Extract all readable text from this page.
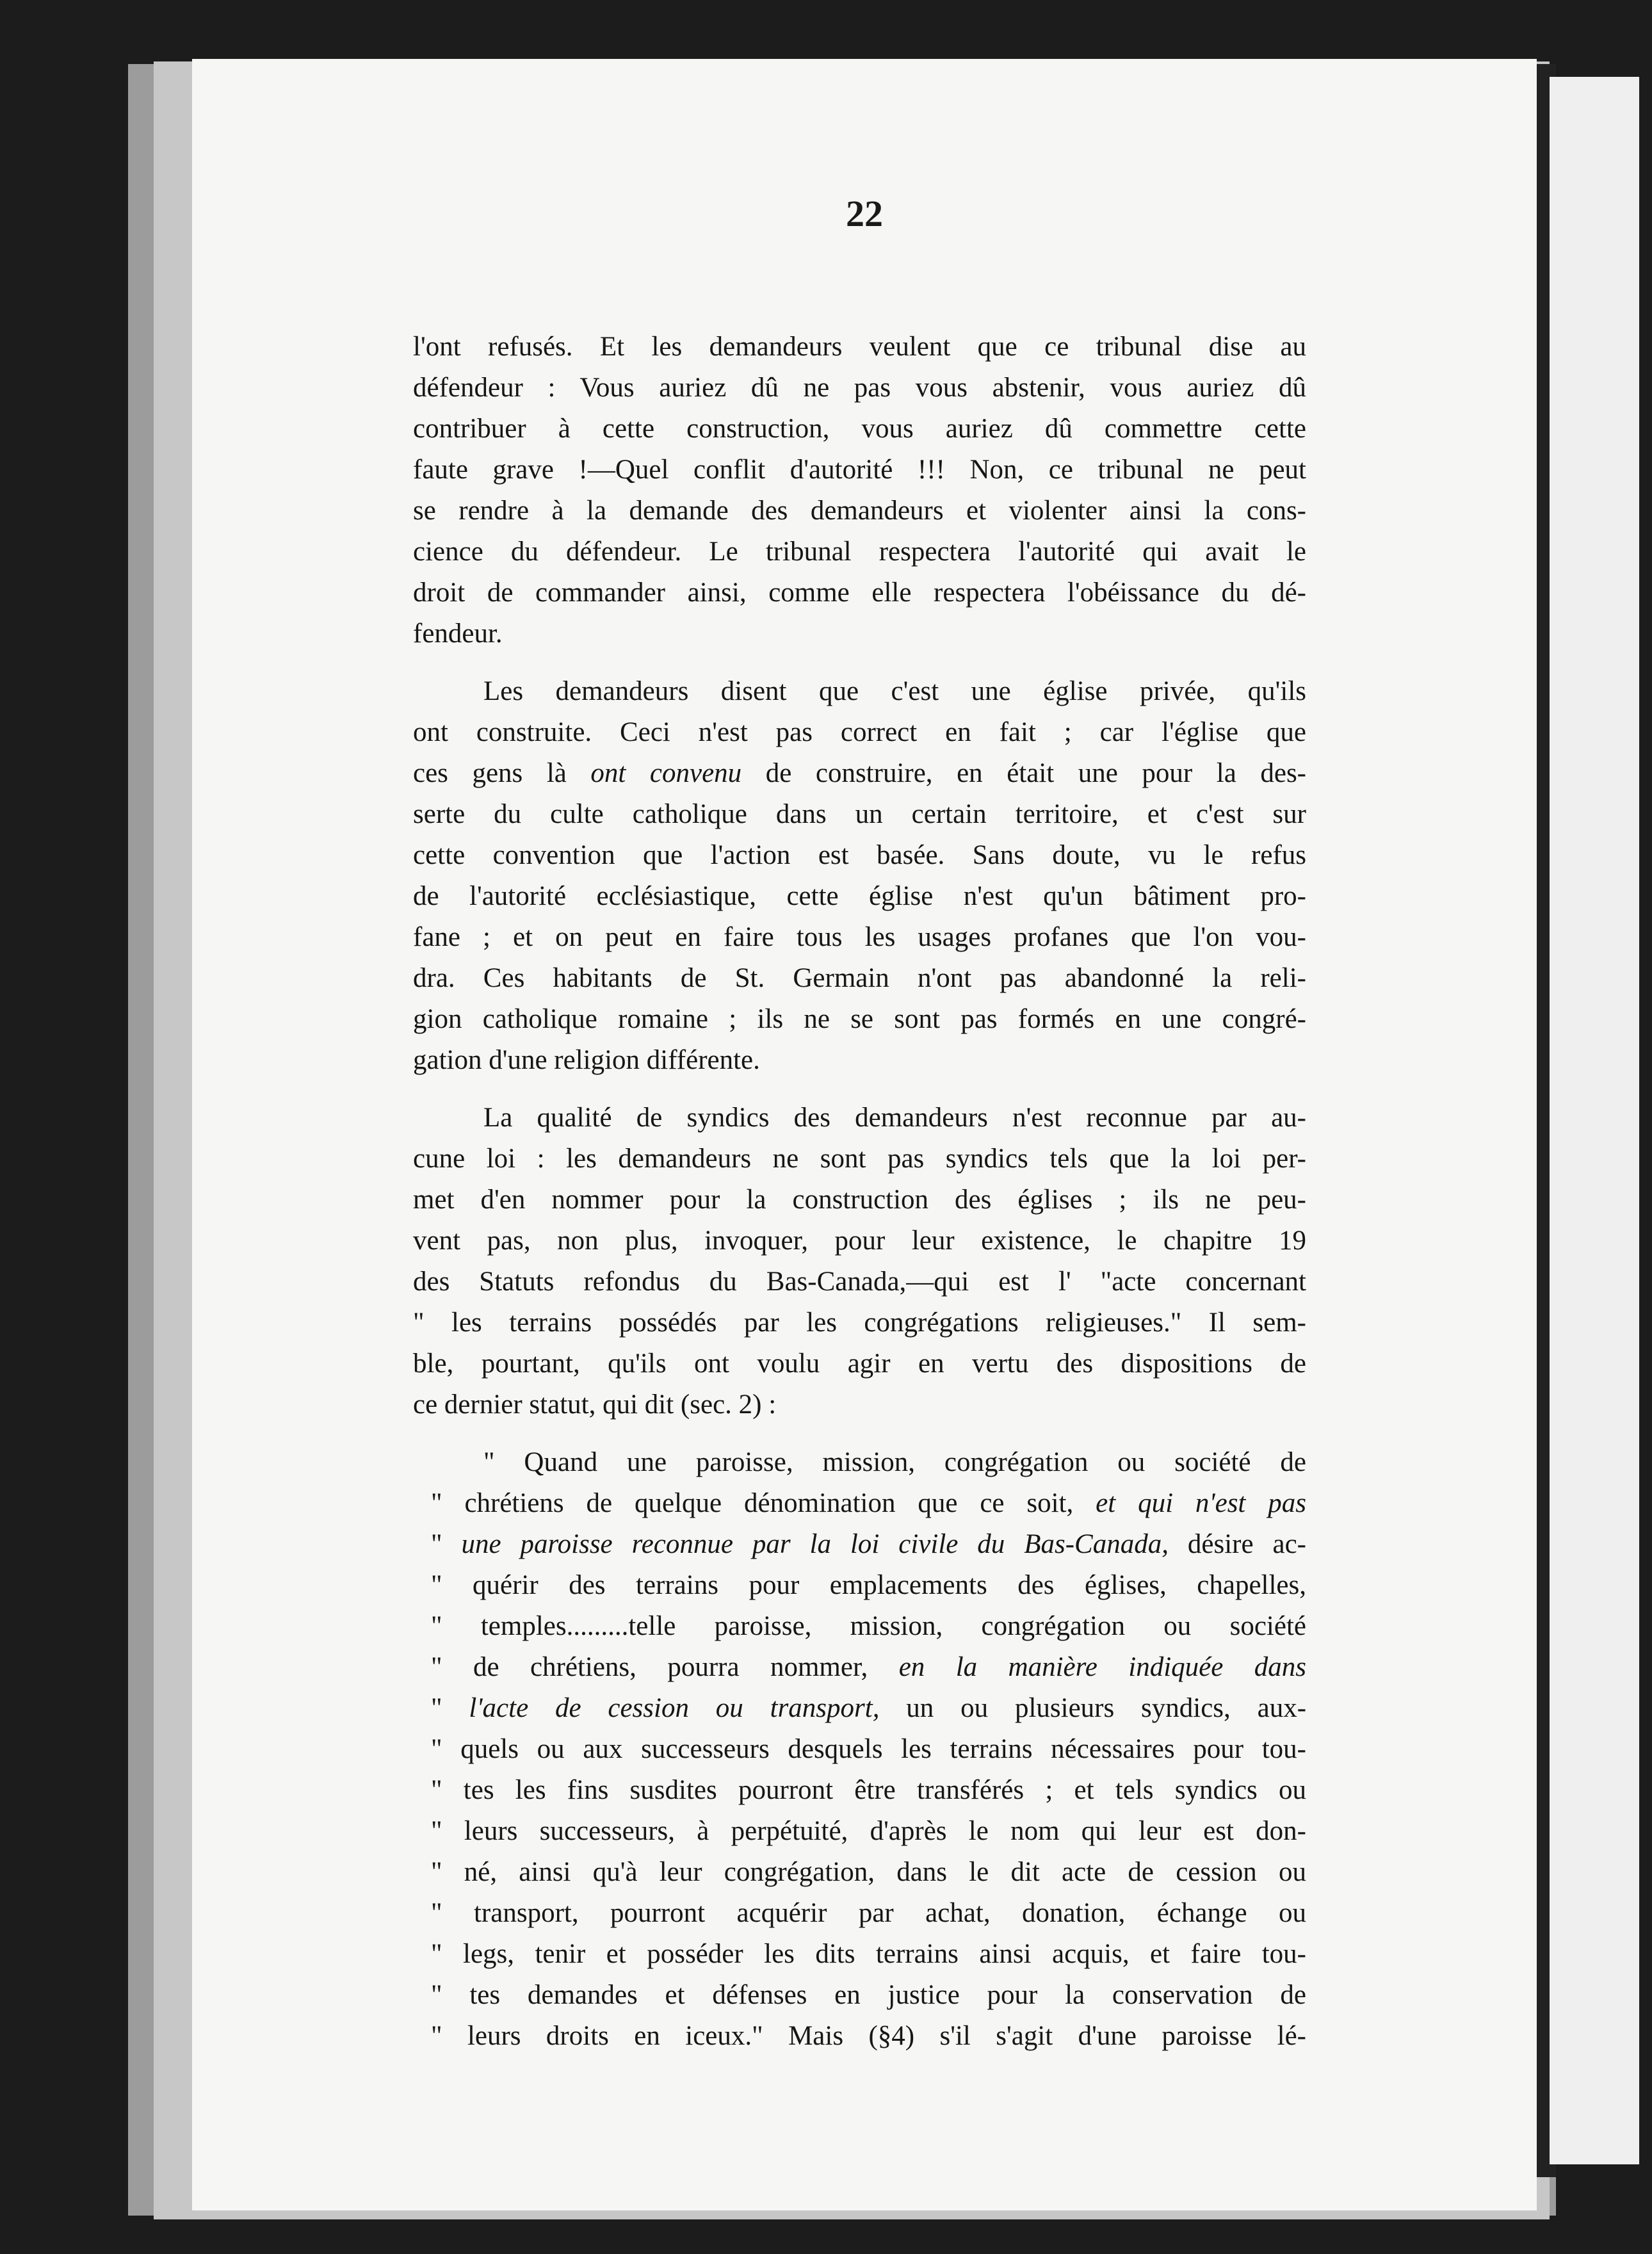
22
l'ont refusés. Et les demandeurs veulent que ce tribunal dise au
défendeur : Vous auriez dû ne pas vous abstenir, vous auriez dû
contribuer à cette construction, vous auriez dû commettre cette
faute grave !—Quel conflit d'autorité !!! Non, ce tribunal ne peut
se rendre à la demande des demandeurs et violenter ainsi la cons-
cience du défendeur. Le tribunal respectera l'autorité qui avait le
droit de commander ainsi, comme elle respectera l'obéissance du dé-
fendeur.
Les demandeurs disent que c'est une église privée, qu'ils
ont construite. Ceci n'est pas correct en fait ; car l'église que
ces gens là ont convenu de construire, en était une pour la des-
serte du culte catholique dans un certain territoire, et c'est sur
cette convention que l'action est basée. Sans doute, vu le refus
de l'autorité ecclésiastique, cette église n'est qu'un bâtiment pro-
fane ; et on peut en faire tous les usages profanes que l'on vou-
dra. Ces habitants de St. Germain n'ont pas abandonné la reli-
gion catholique romaine ; ils ne se sont pas formés en une congré-
gation d'une religion différente.
La qualité de syndics des demandeurs n'est reconnue par au-
cune loi : les demandeurs ne sont pas syndics tels que la loi per-
met d'en nommer pour la construction des églises ; ils ne peu-
vent pas, non plus, invoquer, pour leur existence, le chapitre 19
des Statuts refondus du Bas-Canada,—qui est l' "acte concernant
" les terrains possédés par les congrégations religieuses." Il sem-
ble, pourtant, qu'ils ont voulu agir en vertu des dispositions de
ce dernier statut, qui dit (sec. 2) :
" Quand une paroisse, mission, congrégation ou société de
" chrétiens de quelque dénomination que ce soit, et qui n'est pas
" une paroisse reconnue par la loi civile du Bas-Canada, désire ac-
" quérir des terrains pour emplacements des églises, chapelles,
" temples.........telle paroisse, mission, congrégation ou société
" de chrétiens, pourra nommer, en la manière indiquée dans
" l'acte de cession ou transport, un ou plusieurs syndics, aux-
" quels ou aux successeurs desquels les terrains nécessaires pour tou-
" tes les fins susdites pourront être transférés ; et tels syndics ou
" leurs successeurs, à perpétuité, d'après le nom qui leur est don-
" né, ainsi qu'à leur congrégation, dans le dit acte de cession ou
" transport, pourront acquérir par achat, donation, échange ou
" legs, tenir et posséder les dits terrains ainsi acquis, et faire tou-
" tes demandes et défenses en justice pour la conservation de
" leurs droits en iceux." Mais (§4) s'il s'agit d'une paroisse lé-
